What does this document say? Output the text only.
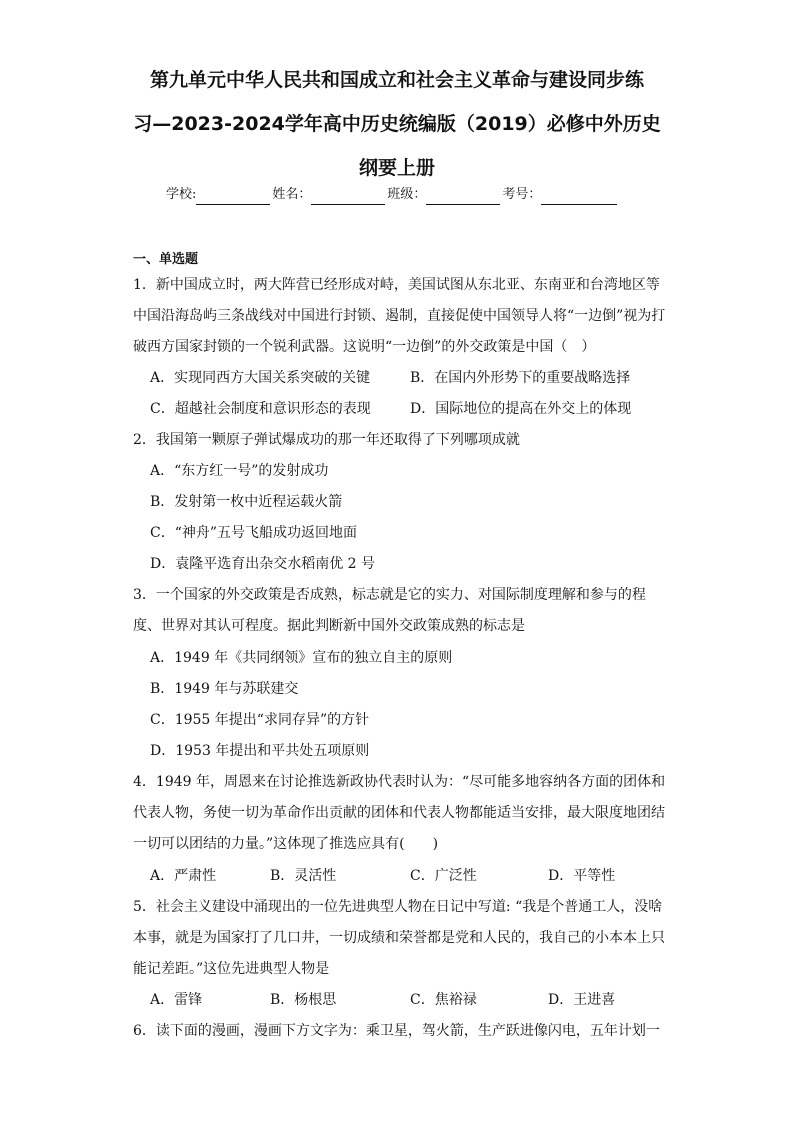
第九单元中华人民共和国成立和社会主义革命与建设同步练
习—2023-2024学年高中历史统编版（2019）必修中外历史
纲要上册
学校:	姓名：	班级：	考号：
一、单选题

1．新中国成立时，两大阵营已经形成对峙，美国试图从东北亚、东南亚和台湾地区等中国沿海岛屿三条战线对中国进行封锁、遏制，直接促使中国领导人将“一边倒”视为打破西方国家封锁的一个锐利武器。这说明“一边倒”的外交政策是中国（　）

A．实现同西方大国关系突破的关键	B．在国内外形势下的重要战略选择
C．超越社会制度和意识形态的表现	D．国际地位的提高在外交上的体现

2．我国第一颗原子弹试爆成功的那一年还取得了下列哪项成就

A．“东方红一号”的发射成功
B．发射第一枚中近程运载火箭
C．“神舟”五号飞船成功返回地面
D．袁隆平选育出杂交水稻南优 2 号

3．一个国家的外交政策是否成熟，标志就是它的实力、对国际制度理解和参与的程度、世界对其认可程度。据此判断新中国外交政策成熟的标志是

A．1949 年《共同纲领》宣布的独立自主的原则
B．1949 年与苏联建交
C．1955 年提出“求同存异”的方针
D．1953 年提出和平共处五项原则

4．1949 年，周恩来在讨论推选新政协代表时认为：“尽可能多地容纳各方面的团体和代表人物，务使一切为革命作出贡献的团体和代表人物都能适当安排，最大限度地团结一切可以团结的力量。”这体现了推选应具有(　　)

A．严肃性	B．灵活性	C．广泛性	D．平等性

5．社会主义建设中涌现出的一位先进典型人物在日记中写道: “我是个普通工人，没啥本事，就是为国家打了几口井，一切成绩和荣誉都是党和人民的，我自己的小本本上只能记差距。”这位先进典型人物是

A．雷锋	B．杨根思	C．焦裕禄	D．王进喜

6．读下面的漫画，漫画下方文字为：乘卫星，驾火箭，生产跃进像闪电，五年计划一
